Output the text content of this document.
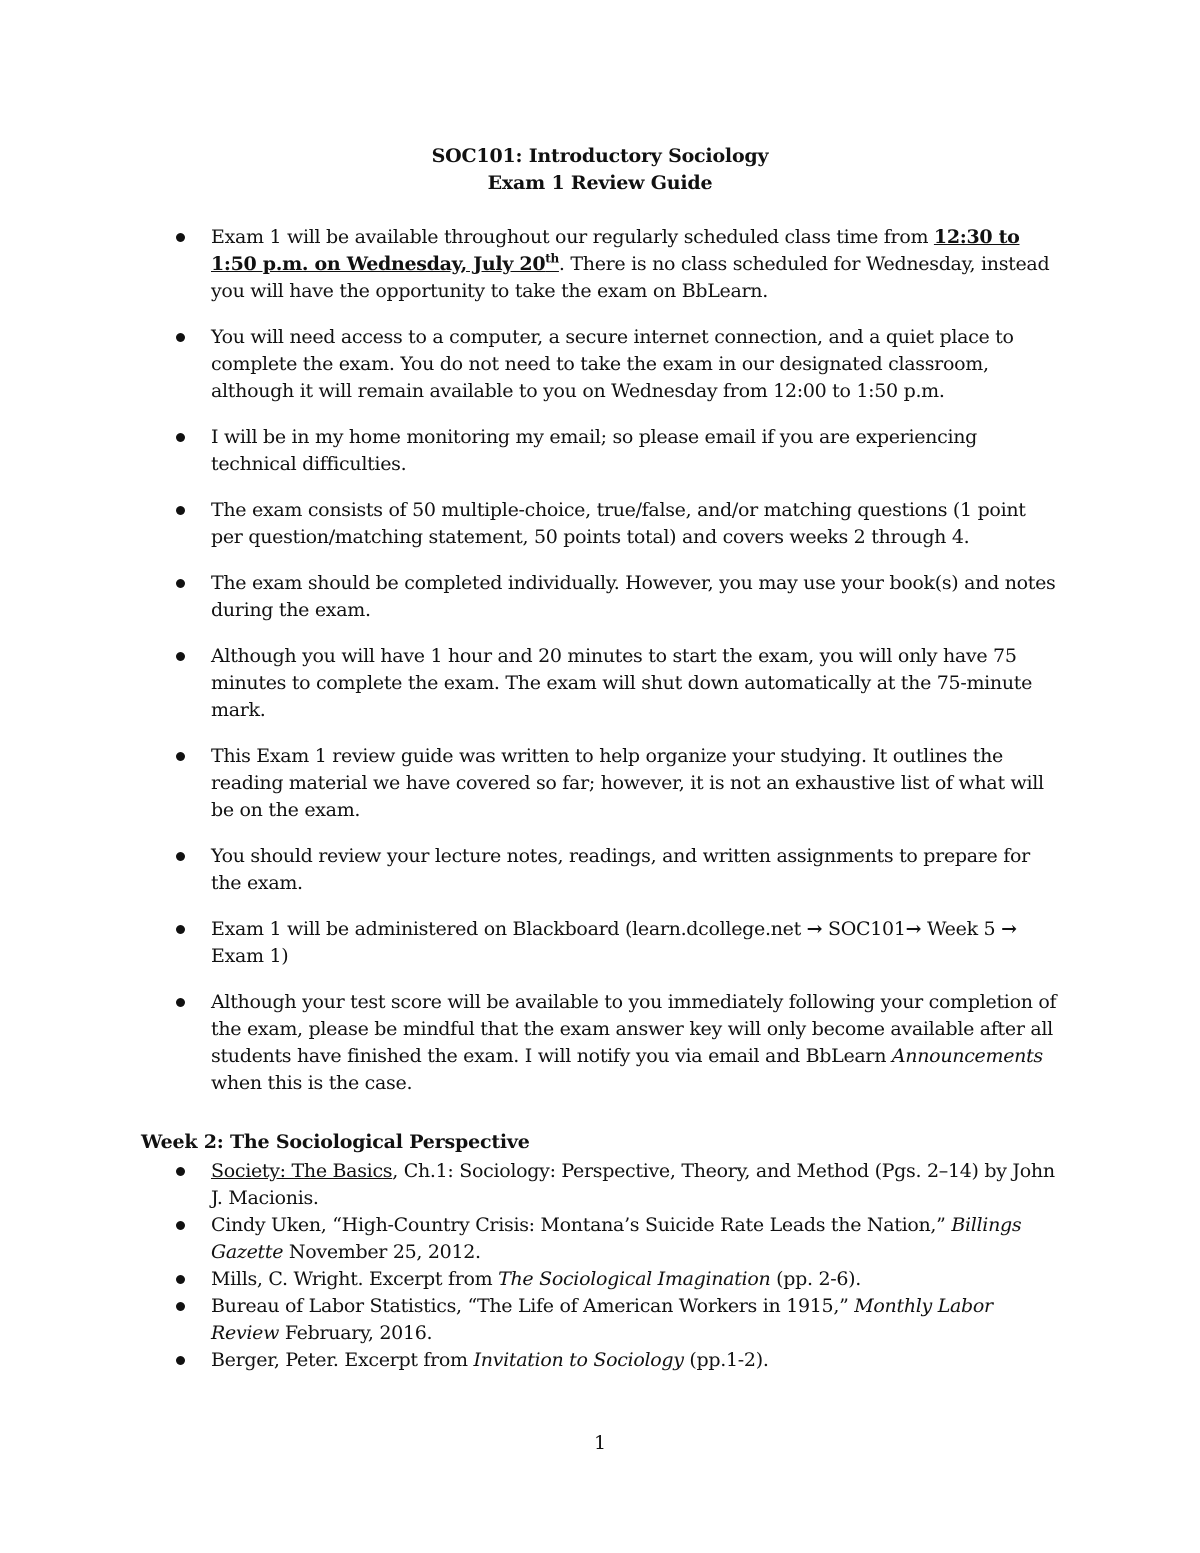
SOC101: Introductory Sociology
Exam 1 Review Guide
Exam 1 will be available throughout our regularly scheduled class time from 12:30 to 1:50 p.m. on Wednesday, July 20th. There is no class scheduled for Wednesday, instead you will have the opportunity to take the exam on BbLearn.
You will need access to a computer, a secure internet connection, and a quiet place to complete the exam. You do not need to take the exam in our designated classroom, although it will remain available to you on Wednesday from 12:00 to 1:50 p.m.
I will be in my home monitoring my email; so please email if you are experiencing technical difficulties.
The exam consists of 50 multiple-choice, true/false, and/or matching questions (1 point per question/matching statement, 50 points total) and covers weeks 2 through 4.
The exam should be completed individually. However, you may use your book(s) and notes during the exam.
Although you will have 1 hour and 20 minutes to start the exam, you will only have 75 minutes to complete the exam. The exam will shut down automatically at the 75-minute mark.
This Exam 1 review guide was written to help organize your studying. It outlines the reading material we have covered so far; however, it is not an exhaustive list of what will be on the exam.
You should review your lecture notes, readings, and written assignments to prepare for the exam.
Exam 1 will be administered on Blackboard (learn.dcollege.net → SOC101→ Week 5 → Exam 1)
Although your test score will be available to you immediately following your completion of the exam, please be mindful that the exam answer key will only become available after all students have finished the exam. I will notify you via email and BbLearn Announcements when this is the case.
Week 2: The Sociological Perspective
Society: The Basics, Ch.1: Sociology: Perspective, Theory, and Method (Pgs. 2–14) by John J. Macionis.
Cindy Uken, “High-Country Crisis: Montana’s Suicide Rate Leads the Nation,” Billings Gazette November 25, 2012.
Mills, C. Wright. Excerpt from The Sociological Imagination (pp. 2-6).
Bureau of Labor Statistics, “The Life of American Workers in 1915,” Monthly Labor Review February, 2016.
Berger, Peter. Excerpt from Invitation to Sociology (pp.1-2).
1
